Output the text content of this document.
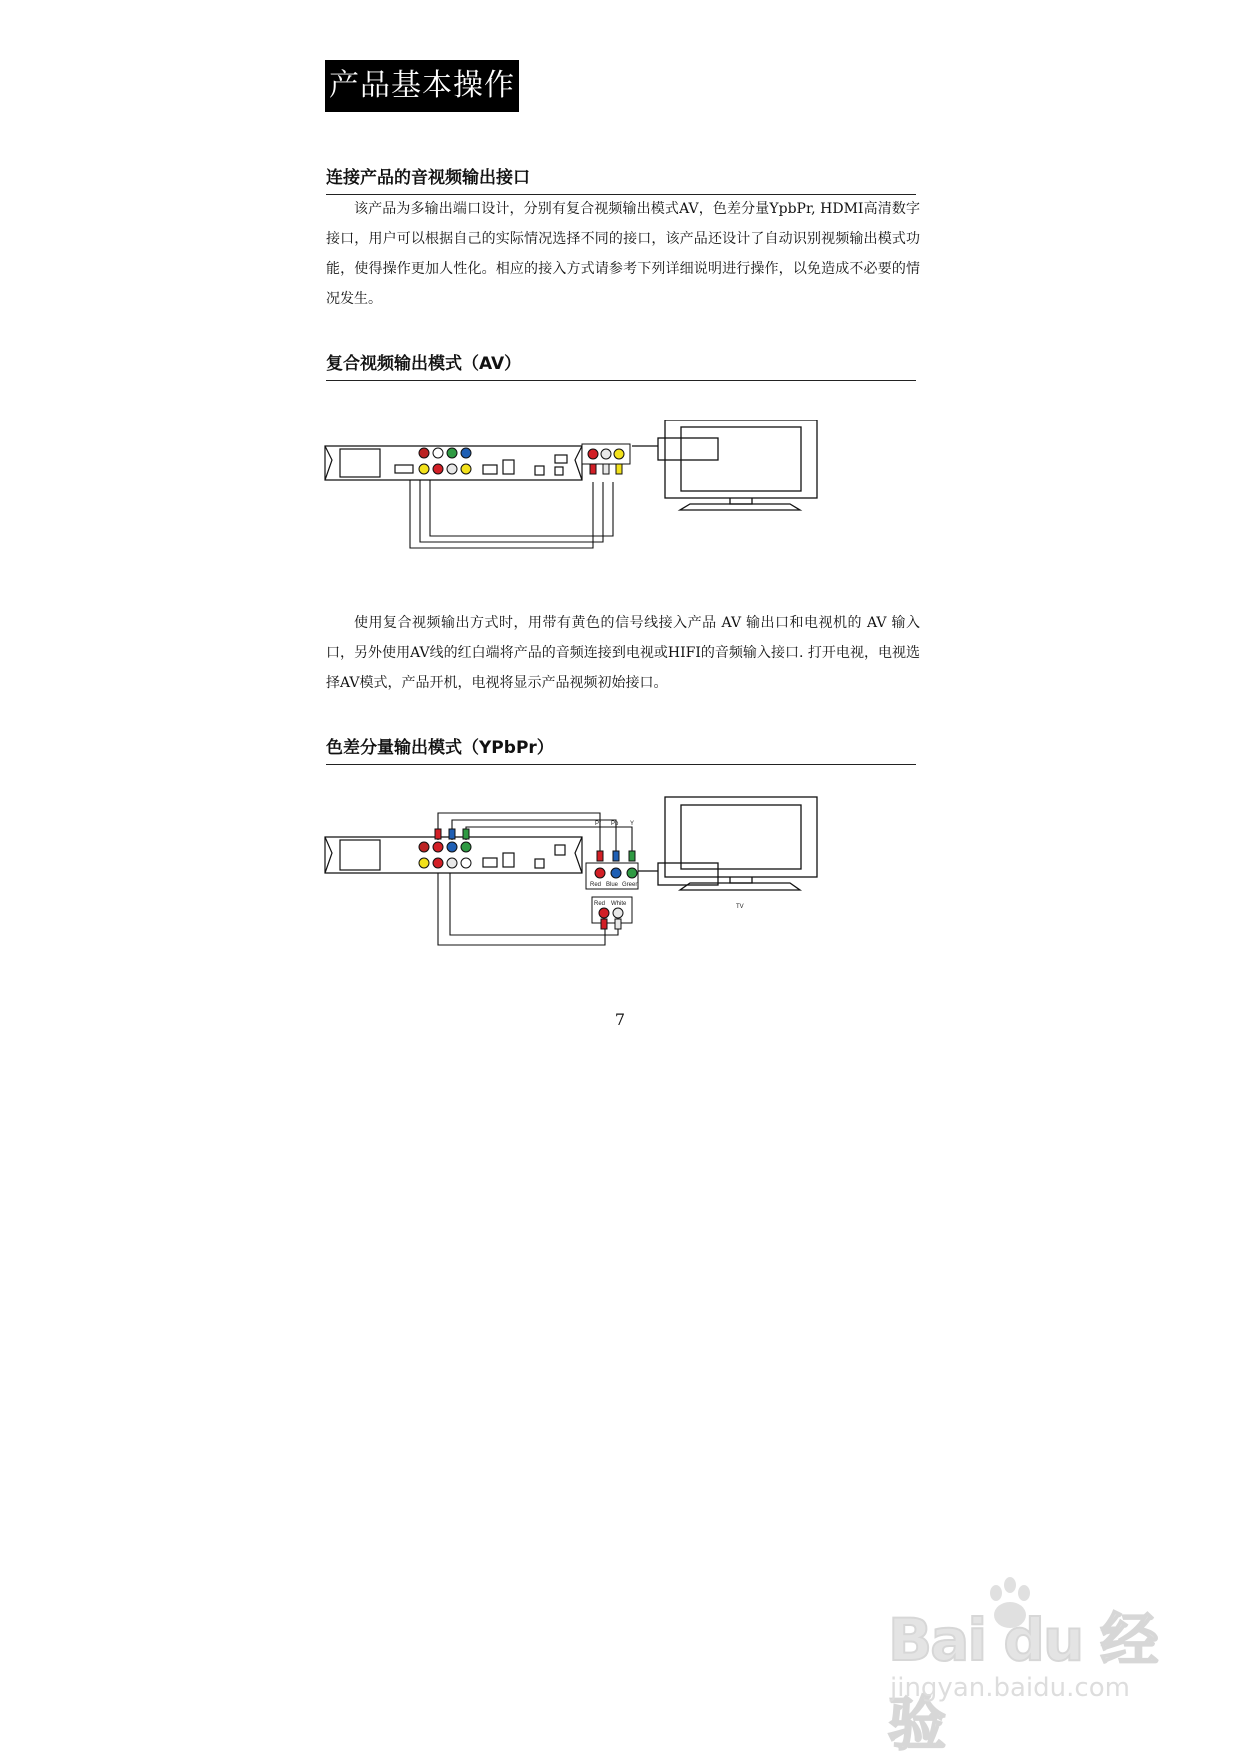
产品基本操作
连接产品的音视频输出接口
该产品为多输出端口设计，分别有复合视频输出模式AV，色差分量YpbPr, HDMI高清数字接口，用户可以根据自己的实际情况选择不同的接口，该产品还设计了自动识别视频输出模式功能，使得操作更加人性化。相应的接入方式请参考下列详细说明进行操作，以免造成不必要的情况发生。
复合视频输出模式（AV）
使用复合视频输出方式时，用带有黄色的信号线接入产品 AV 输出口和电视机的 AV 输入口，另外使用AV线的红白端将产品的音频连接到电视或HIFI的音频输入接口. 打开电视，电视选择AV模式，产品开机，电视将显示产品视频初始接口。
色差分量输出模式（YPbPr）
Pr Pb Y
Red Blue Green
Red White	TV
7
Bai du 经验
jingyan.baidu.com
